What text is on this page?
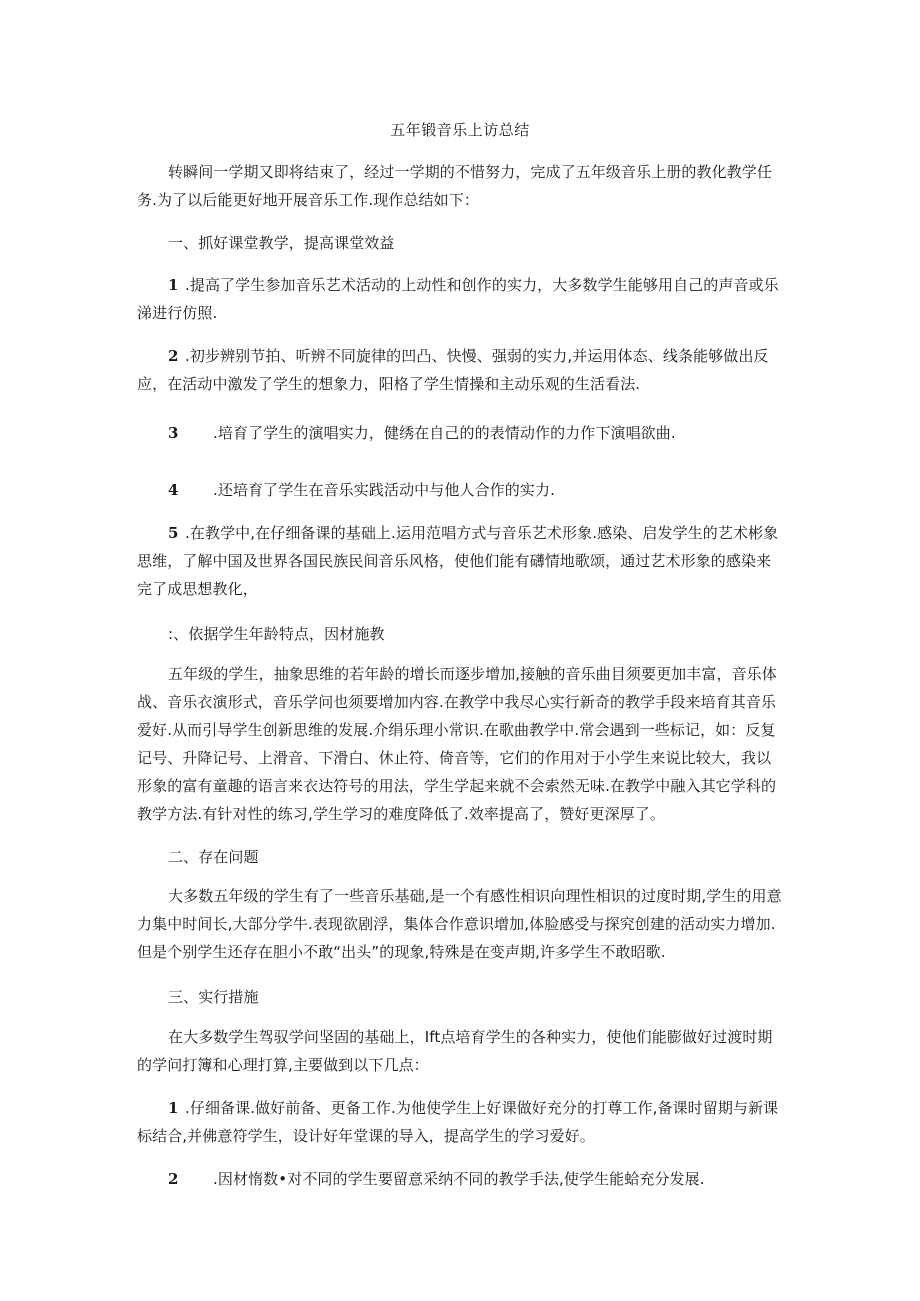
五年锻音乐上访总结
转瞬间一学期又即将结束了，经过一学期的不惜努力，完成了五年级音乐上册的教化教学任务.为了以后能更好地开展音乐工作.现作总结如下：
一、抓好课堂教学，提高课堂效益
1 .提高了学生参加音乐艺术活动的上动性和创作的实力，大多数学生能够用自己的声音或乐涕进行仿照.
2 .初步辨别节拍、听辨不同旋律的凹凸、快慢、强弱的实力,并运用体态、线条能够做出反应，在活动中激发了学生的想象力，阳格了学生情操和主动乐观的生活看法.
3 .培育了学生的演唱实力，健绣在自己的的表情动作的力作下演唱欲曲.
4 .还培育了学生在音乐实践活动中与他人合作的实力.
5 .在教学中,在仔细备课的基础上.运用范唱方式与音乐艺术形象.感染、启发学生的艺术彬象思维，了解中国及世界各国民族民间音乐风格，使他们能有礴情地歌颂，通过艺术形象的感染来完了成思想教化，
:、依据学生年龄特点，因材施教
五年级的学生，抽象思维的若年龄的增长而逐步增加,接触的音乐曲目须要更加丰富，音乐体战、音乐衣演形式，音乐学问也须要增加内容.在教学中我尽心实行新奇的教学手段来培育其音乐爱好.从而引导学生创新思维的发展.介绢乐理小常识.在歌曲教学中.常会遇到一些标记，如：反复记号、升降记号、上滑音、下滑白、休止符、倚音等，它们的作用对于小学生来说比较大，我以形象的富有童趣的语言来衣达符号的用法，学生学起来就不会索然无味.在教学中融入其它学科的教学方法.有针对性的练习,学生学习的难度降低了.效率提高了，赞好更深厚了。
二、存在问题
大多数五年级的学生有了一些音乐基础,是一个有感性相识向理性相识的过度时期,学生的用意力集中时间长,大部分学牛.表现欲剧浮，集体合作意识增加,体脸感受与探究创建的活动实力增加.但是个别学生还存在胆小不敢“出头”的现象,特殊是在变声期,许多学生不敢昭歌.
三、实行措施
在大多数学生驾驭学问坚固的基础上，Ift点培育学生的各种实力，使他们能膨做好过渡时期的学问打簿和心理打算,主要做到以下几点：
1 .仔细备课.做好前备、更备工作.为他使学生上好课做好充分的打尊工作,备课时留期与新课标结合,并佛意符学生，设计好年堂课的导入，提高学生的学习爱好。
2 .因材惰数•对不同的学生要留意采纳不同的教学手法,使学生能蛤充分发展.
